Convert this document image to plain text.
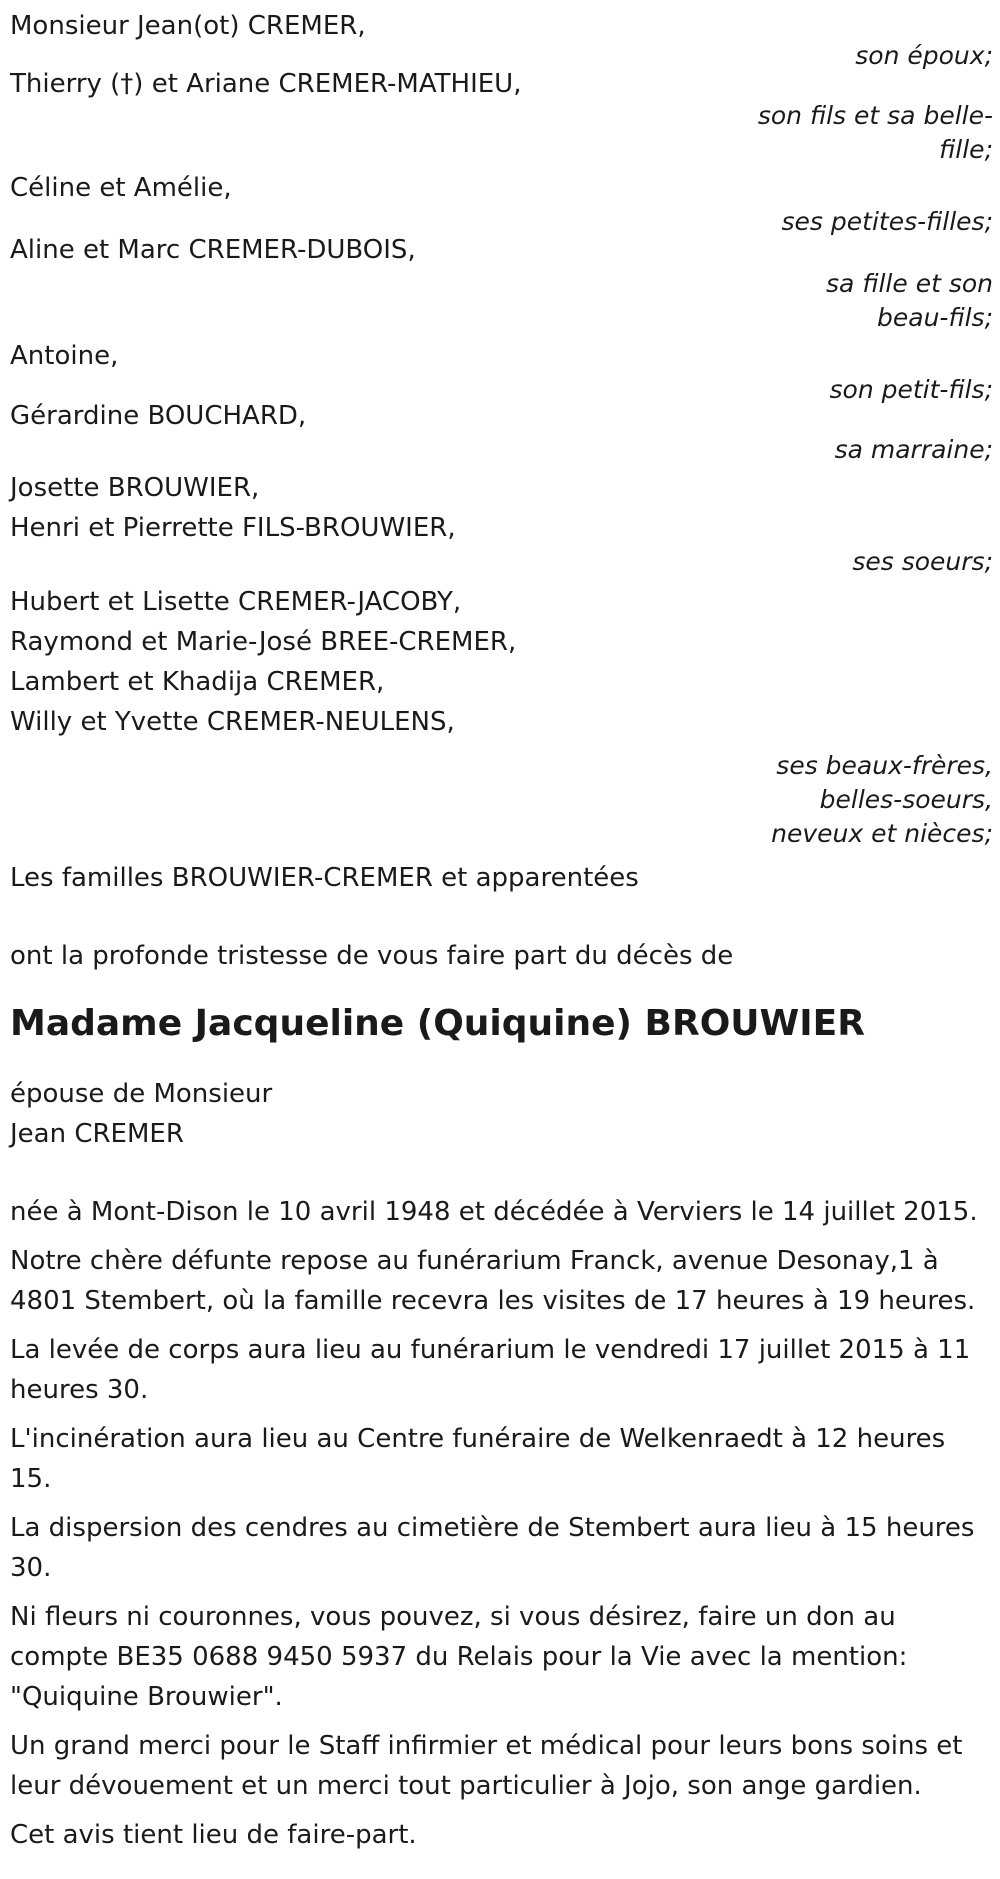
Monsieur Jean(ot) CREMER,
son époux;
Thierry (†) et Ariane CREMER-MATHIEU,
son fils et sa belle-
fille;
Céline et Amélie,
ses petites-filles;
Aline et Marc CREMER-DUBOIS,
sa fille et son
beau-fils;
Antoine,
son petit-fils;
Gérardine BOUCHARD,
sa marraine;
Josette BROUWIER,
Henri et Pierrette FILS-BROUWIER,
ses soeurs;
Hubert et Lisette CREMER-JACOBY,
Raymond et Marie-José BREE-CREMER,
Lambert et Khadija CREMER,
Willy et Yvette CREMER-NEULENS,
ses beaux-frères,
belles-soeurs,
neveux et nièces;
Les familles BROUWIER-CREMER et apparentées
ont la profonde tristesse de vous faire part du décès de
Madame Jacqueline (Quiquine) BROUWIER
épouse de Monsieur
Jean CREMER
née à Mont-Dison le 10 avril 1948 et décédée à Verviers le 14 juillet 2015.
Notre chère défunte repose au funérarium Franck, avenue Desonay,1 à 4801 Stembert, où la famille recevra les visites de 17 heures à 19 heures.
La levée de corps aura lieu au funérarium le vendredi 17 juillet 2015 à 11 heures 30.
L'incinération aura lieu au Centre funéraire de Welkenraedt à 12 heures 15.
La dispersion des cendres au cimetière de Stembert aura lieu à 15 heures 30.
Ni fleurs ni couronnes, vous pouvez, si vous désirez, faire un don au compte BE35 0688 9450 5937 du Relais pour la Vie avec la mention: "Quiquine Brouwier".
Un grand merci pour le Staff infirmier et médical pour leurs bons soins et leur dévouement et un merci tout particulier à Jojo, son ange gardien.
Cet avis tient lieu de faire-part.
